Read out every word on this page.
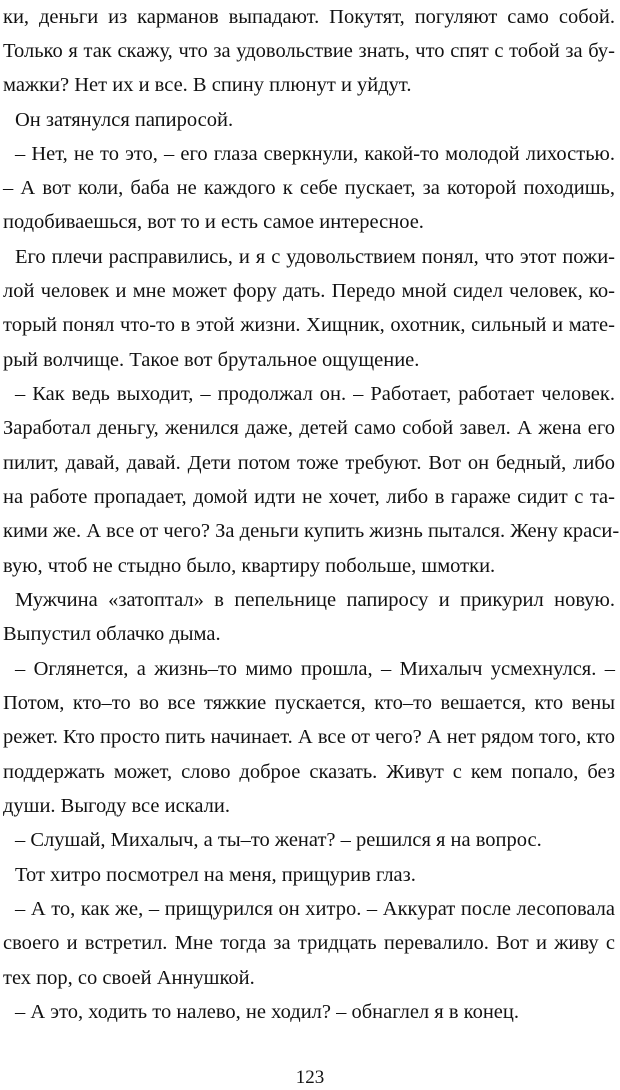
ки, деньги из карманов выпадают. Покутят, погуляют само собой.
Только я так скажу, что за удовольствие знать, что спят с тобой за бу-
мажки? Нет их и все. В спину плюнут и уйдут.
Он затянулся папиросой.
– Нет, не то это, – его глаза сверкнули, какой-то молодой лихостью.
– А вот коли, баба не каждого к себе пускает, за которой походишь,
подобиваешься, вот то и есть самое интересное.
Его плечи расправились, и я с удовольствием понял, что этот пожи-
лой человек и мне может фору дать. Передо мной сидел человек, ко-
торый понял что-то в этой жизни. Хищник, охотник, сильный и мате-
рый волчище. Такое вот брутальное ощущение.
– Как ведь выходит, – продолжал он. – Работает, работает человек.
Заработал деньгу, женился даже, детей само собой завел. А жена его
пилит, давай, давай. Дети потом тоже требуют. Вот он бедный, либо
на работе пропадает, домой идти не хочет, либо в гараже сидит с та-
кими же. А все от чего? За деньги купить жизнь пытался. Жену краси-
вую, чтоб не стыдно было, квартиру побольше, шмотки.
Мужчина «затоптал» в пепельнице папиросу и прикурил новую.
Выпустил облачко дыма.
– Оглянется, а жизнь–то мимо прошла, – Михалыч усмехнулся. –
Потом, кто–то во все тяжкие пускается, кто–то вешается, кто вены
режет. Кто просто пить начинает. А все от чего? А нет рядом того, кто
поддержать может, слово доброе сказать. Живут с кем попало, без
души. Выгоду все искали.
– Слушай, Михалыч, а ты–то женат? – решился я на вопрос.
Тот хитро посмотрел на меня, прищурив глаз.
– А то, как же, – прищурился он хитро. – Аккурат после лесоповала
своего и встретил. Мне тогда за тридцать перевалило. Вот и живу с
тех пор, со своей Аннушкой.
– А это, ходить то налево, не ходил? – обнаглел я в конец.
123
